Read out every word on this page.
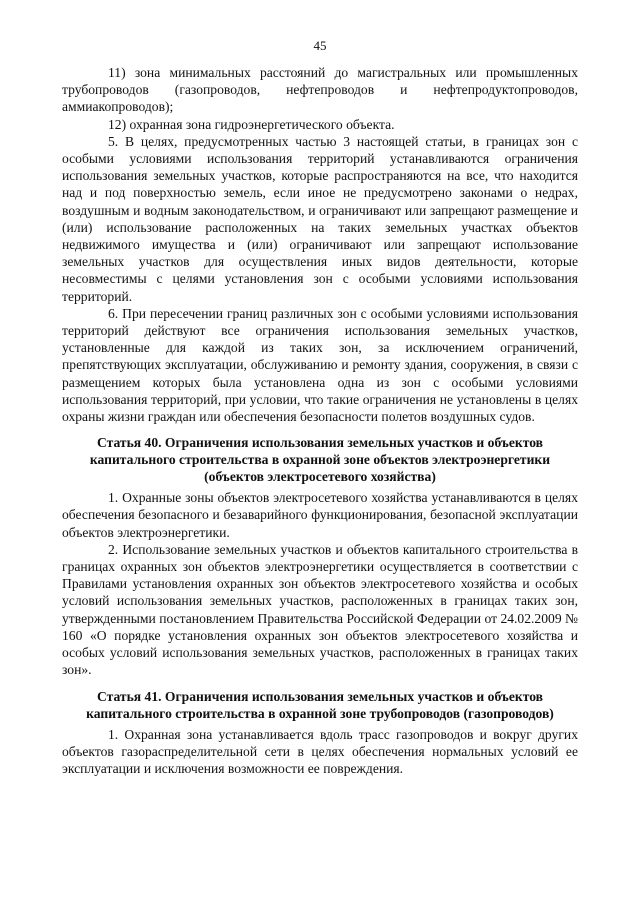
45

11) зона минимальных расстояний до магистральных или промышленных трубопроводов (газопроводов, нефтепроводов и нефтепродуктопроводов, аммиакопроводов);

12) охранная зона гидроэнергетического объекта.

5. В целях, предусмотренных частью 3 настоящей статьи, в границах зон с особыми условиями использования территорий устанавливаются ограничения использования земельных участков, которые распространяются на все, что находится над и под поверхностью земель, если иное не предусмотрено законами о недрах, воздушным и водным законодательством, и ограничивают или запрещают размещение и (или) использование расположенных на таких земельных участках объектов недвижимого имущества и (или) ограничивают или запрещают использование земельных участков для осуществления иных видов деятельности, которые несовместимы с целями установления зон с особыми условиями использования территорий.

6. При пересечении границ различных зон с особыми условиями использования территорий действуют все ограничения использования земельных участков, установленные для каждой из таких зон, за исключением ограничений, препятствующих эксплуатации, обслуживанию и ремонту здания, сооружения, в связи с размещением которых была установлена одна из зон с особыми условиями использования территорий, при условии, что такие ограничения не установлены в целях охраны жизни граждан или обеспечения безопасности полетов воздушных судов.

Статья 40. Ограничения использования земельных участков и объектов капитального строительства в охранной зоне объектов электроэнергетики (объектов электросетевого хозяйства)

1. Охранные зоны объектов электросетевого хозяйства устанавливаются в целях обеспечения безопасного и безаварийного функционирования, безопасной эксплуатации объектов электроэнергетики.

2. Использование земельных участков и объектов капитального строительства в границах охранных зон объектов электроэнергетики осуществляется в соответствии с Правилами установления охранных зон объектов электросетевого хозяйства и особых условий использования земельных участков, расположенных в границах таких зон, утвержденными постановлением Правительства Российской Федерации от 24.02.2009 № 160 «О порядке установления охранных зон объектов электросетевого хозяйства и особых условий использования земельных участков, расположенных в границах таких зон».

Статья 41. Ограничения использования земельных участков и объектов капитального строительства в охранной зоне трубопроводов (газопроводов)

1. Охранная зона устанавливается вдоль трасс газопроводов и вокруг других объектов газораспределительной сети в целях обеспечения нормальных условий ее эксплуатации и исключения возможности ее повреждения.
